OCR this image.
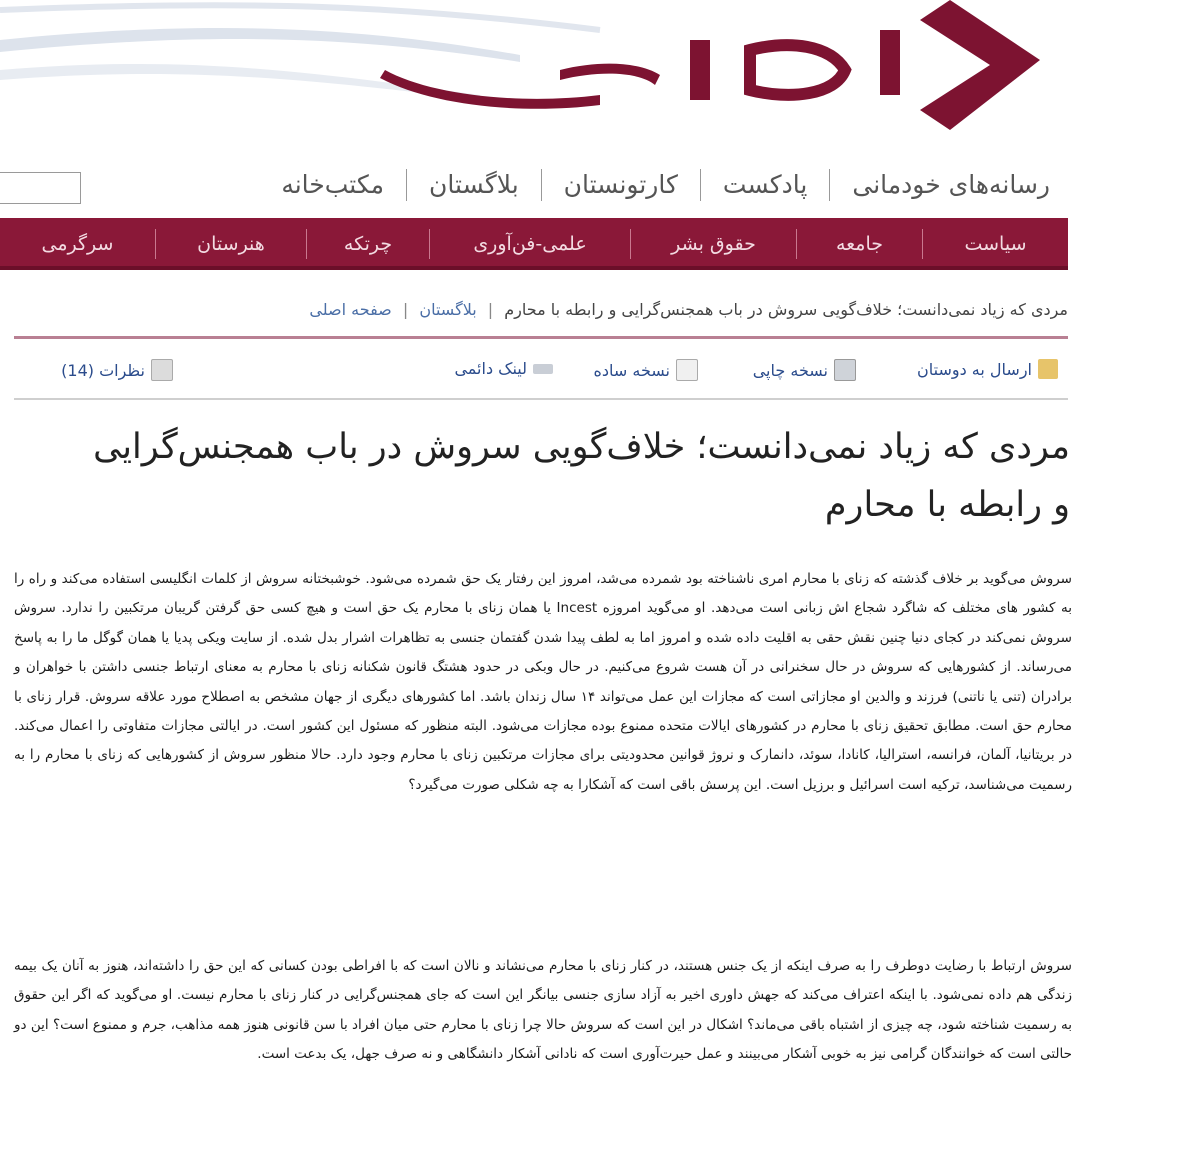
رسانه‌های خودمانی
پادکست
کارتونستان
بلاگستان
مکتب‌خانه
سیاست
جامعه
حقوق بشر
علمی-فن‌آوری
چرتکه
هنرستان
سرگرمی
مردی که زیاد نمی‌دانست؛ خلاف‌گویی سروش در باب همجنس‌گرایی و رابطه با محارم | بلاگستان | صفحه اصلی
ارسال به دوستان
نسخه چاپی
نسخه ساده
لینک دائمی
نظرات (14)
مردی که زیاد نمی‌دانست؛ خلاف‌گویی سروش در باب همجنس‌گرایی
و رابطه با محارم
سروش می‌گوید بر خلاف گذشته که زنای با محارم امری ناشناخته بود شمرده می‌شد، امروز این رفتار یک حق شمرده می‌شود. خوشبختانه سروش از کلمات انگلیسی استفاده می‌کند و راه را به کشور های مختلف که شاگرد شجاع اش زبانی است می‌دهد. او می‌گوید امروزه Incest یا همان زنای با محارم یک حق است و هیچ کسی حق گرفتن گریبان مرتکبین را ندارد. سروش سروش نمی‌کند در کجای دنیا چنین نقش حقی به اقلیت داده شده و امروز اما به لطف پیدا شدن گفتمان جنسی به تظاهرات اشرار بدل شده. از سایت ویکی پدیا یا همان گوگل ما را به پاسخ می‌رساند. از کشور‌هایی که سروش در حال سخنرانی در آن هست شروع می‌کنیم. در حال وبکی در حدود هشتگ قانون شکنانه زنای با محارم به معنای ارتباط جنسی داشتن با خواهران و برادران (تنی یا ناتنی) فرزند و والدین او مجازاتی است که مجازات این عمل می‌تواند ۱۴ سال زندان باشد. اما کشورهای دیگری از جهان مشخص به اصطلاح مورد علاقه سروش. قرار زنای با محارم حق است. مطابق تحقیق زنای با محارم در کشور‌های ایالات متحده ممنوع بوده مجازات می‌شود. البته منظور که مسئول این کشور است. در ایالتی مجازات متفاوتی را اعمال می‌کند. در بریتانیا، آلمان، فرانسه، استرالیا، کانادا، سوئد، دانمارک و نروژ قوانین محدودیتی برای مجازات مرتکبین زنای با محارم وجود دارد. حالا منظور سروش از کشور‌هایی که زنای با محارم را به رسمیت می‌شناسد، ترکیه است اسرائیل و برزیل است. این پرسش باقی است که آشکارا به چه شکلی صورت می‌گیرد؟
سروش ارتباط با رضایت دوطرف را به صرف اینکه از یک جنس هستند، در کنار زنای با محارم می‌نشاند و نالان است که با افراطی بودن کسانی که این حق را داشته‌اند، هنوز به آنان یک بیمه زندگی هم داده نمی‌شود. با اینکه اعتراف می‌کند که جهش داوری اخیر به آزاد سازی جنسی بیانگر این است که جای همجنس‌گرایی در کنار زنای با محارم نیست. او می‌گوید که اگر این حقوق به رسمیت شناخته شود، چه چیزی از اشتباه باقی می‌ماند؟ اشکال در این است که سروش حالا چرا زنای با محارم حتی میان افراد با سن قانونی هنوز همه مذاهب، جرم و ممنوع است؟ این دو حالتی است که خوانندگان گرامی نیز به خوبی آشکار می‌بینند و عمل حیرت‌آوری است که نادانی آشکار دانشگاهی و نه صرف جهل، یک بدعت است.
